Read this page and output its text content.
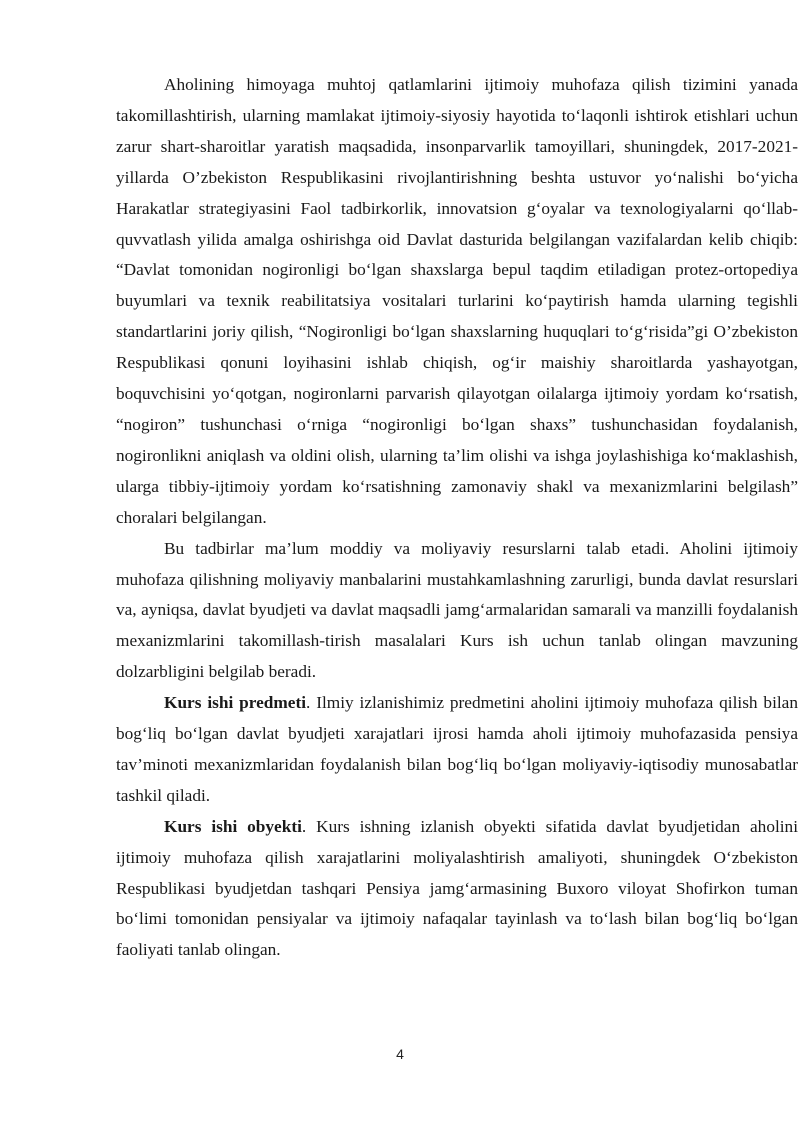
Aholining himoyaga muhtoj qatlamlarini ijtimoiy muhofaza qilish tizimini yanada takomillashtirish, ularning mamlakat ijtimoiy-siyosiy hayotida to‘laqonli ishtirok etishlari uchun zarur shart-sharoitlar yaratish maqsadida, insonparvarlik tamoyillari, shuningdek, 2017-2021-yillarda O’zbekiston Respublikasini rivojlantirishning beshta ustuvor yo‘nalishi bo‘yicha Harakatlar strategiyasini Faol tadbirkorlik, innovatsion g‘oyalar va texnologiyalarni qo‘llab-quvvatlash yilida amalga oshirishga oid Davlat dasturida belgilangan vazifalardan kelib chiqib: “Davlat tomonidan nogironligi bo‘lgan shaxslarga bepul taqdim etiladigan protez-ortopediya buyumlari va texnik reabilitatsiya vositalari turlarini ko‘paytirish hamda ularning tegishli standartlarini joriy qilish, “Nogironligi bo‘lgan shaxslarning huquqlari to‘g‘risida”gi O’zbekiston Respublikasi qonuni loyihasini ishlab chiqish, og‘ir maishiy sharoitlarda yashayotgan, boquvchisini yo‘qotgan, nogironlarni parvarish qilayotgan oilalarga ijtimoiy yordam ko‘rsatish, “nogiron” tushunchasi o‘rniga “nogironligi bo‘lgan shaxs” tushunchasidan foydalanish, nogironlikni aniqlash va oldini olish, ularning ta’lim olishi va ishga joylashishiga ko‘maklashish, ularga tibbiy-ijtimoiy yordam ko‘rsatishning zamonaviy shakl va mexanizmlarini belgilash” choralari belgilangan.

Bu tadbirlar ma’lum moddiy va moliyaviy resurslarni talab etadi. Aholini ijtimoiy muhofaza qilishning moliyaviy manbalarini mustahkamlashning zarurligi, bunda davlat resurslari va, ayniqsa, davlat byudjeti va davlat maqsadli jamg‘armalaridan samarali va manzilli foydalanish mexanizmlarini takomillash-tirish masalalari Kurs ish uchun tanlab olingan mavzuning dolzarbligini belgilab beradi.

Kurs ishi predmeti. Ilmiy izlanishimiz predmetini aholini ijtimoiy muhofaza qilish bilan bog‘liq bo‘lgan davlat byudjeti xarajatlari ijrosi hamda aholi ijtimoiy muhofazasida pensiya tav’minoti mexanizmlaridan foydalanish bilan bog‘liq bo‘lgan moliyaviy-iqtisodiy munosabatlar tashkil qiladi.

Kurs ishi obyekti. Kurs ishning izlanish obyekti sifatida davlat byudjetidan aholini ijtimoiy muhofaza qilish xarajatlarini moliyalashtirish amaliyoti, shuningdek O‘zbekiston Respublikasi byudjetdan tashqari Pensiya jamg‘armasining Buxoro viloyat Shofirkon tuman bo‘limi tomonidan pensiyalar va ijtimoiy nafaqalar tayinlash va to‘lash bilan bog‘liq bo‘lgan faoliyati tanlab olingan.

4
